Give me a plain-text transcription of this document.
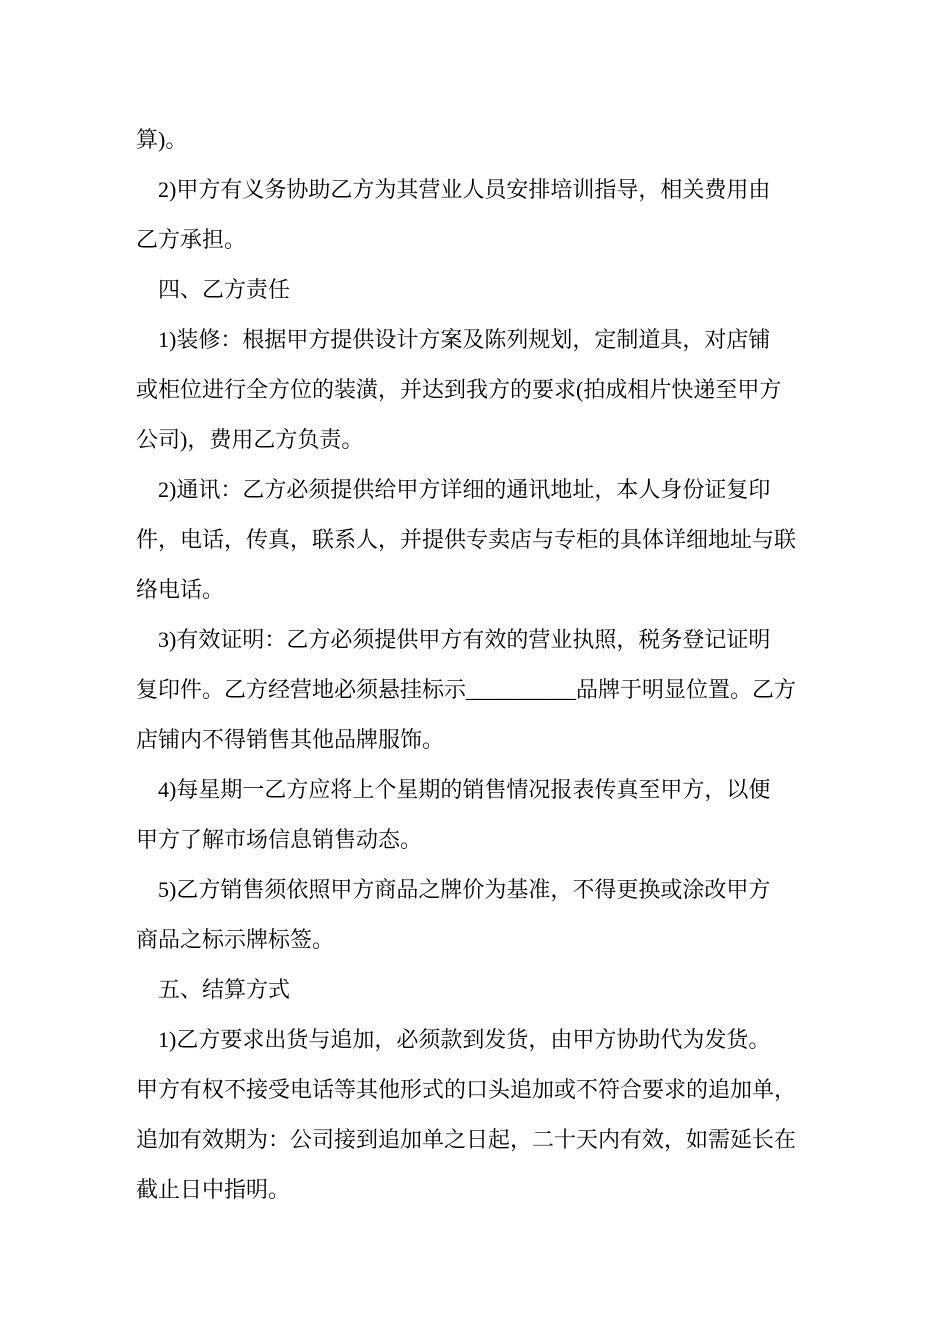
算)。
2)甲方有义务协助乙方为其营业人员安排培训指导，相关费用由
乙方承担。
四、乙方责任
1)装修：根据甲方提供设计方案及陈列规划，定制道具，对店铺
或柜位进行全方位的装潢，并达到我方的要求(拍成相片快递至甲方
公司)，费用乙方负责。
2)通讯：乙方必须提供给甲方详细的通讯地址，本人身份证复印
件，电话，传真，联系人，并提供专卖店与专柜的具体详细地址与联
络电话。
3)有效证明：乙方必须提供甲方有效的营业执照，税务登记证明
复印件。乙方经营地必须悬挂标示__________品牌于明显位置。乙方
店铺内不得销售其他品牌服饰。
4)每星期一乙方应将上个星期的销售情况报表传真至甲方，以便
甲方了解市场信息销售动态。
5)乙方销售须依照甲方商品之牌价为基准，不得更换或涂改甲方
商品之标示牌标签。
五、结算方式
1)乙方要求出货与追加，必须款到发货，由甲方协助代为发货。
甲方有权不接受电话等其他形式的口头追加或不符合要求的追加单，
追加有效期为：公司接到追加单之日起，二十天内有效，如需延长在
截止日中指明。
